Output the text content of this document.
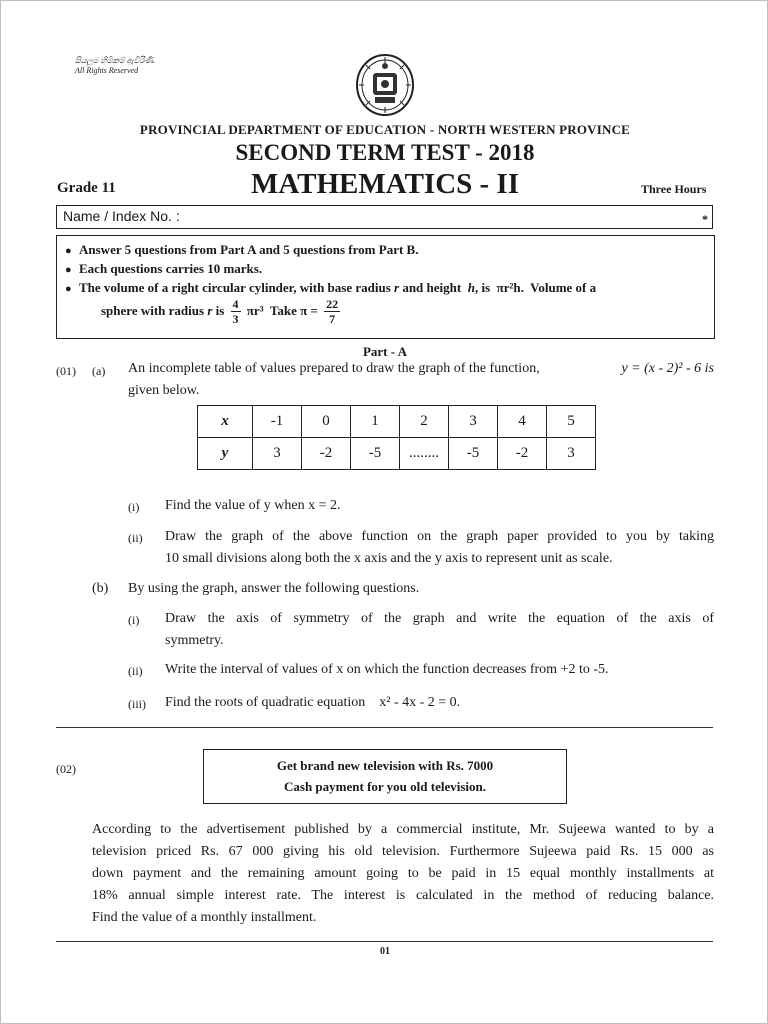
සියලුම හිමිකම් ඇවිරිණි.
All Rights Reserved
PROVINCIAL DEPARTMENT OF EDUCATION - NORTH WESTERN PROVINCE
SECOND TERM TEST - 2018
Grade 11	MATHEMATICS - II	Three Hours
Name / Index No. :	*
● Answer 5 questions from Part A and 5 questions from Part B.
● Each questions carries 10 marks.
● The volume of a right circular cylinder, with base radius r and height h, is πr²h. Volume of a
sphere with radius r is $\frac{4}{3} \pi r^3$ Take $\pi = \frac{22}{7}$
Part - A
(01) (a) An incomplete table of values prepared to draw the graph of the function,	y = (x - 2)² - 6 is
given below.
x	-1	0	1	2	3	4	5
y	3	-2	-5	........	-5	-2	3
(i) Find the value of y when x = 2.
(ii) Draw the graph of the above function on the graph paper provided to you by taking
10 small divisions along both the x axis and the y axis to represent unit as scale.
(b) By using the graph, answer the following questions.
(i) Draw the axis of symmetry of the graph and write the equation of the axis of
symmetry.
(ii) Write the interval of values of x on which the function decreases from +2 to -5.
(iii) Find the roots of quadratic equation x² - 4x - 2 = 0.
(02)	Get brand new television with Rs. 7000
Cash payment for you old television.
According to the advertisement published by a commercial institute, Mr. Sujeewa wanted to by a
television priced Rs. 67 000 giving his old television. Furthermore Sujeewa paid Rs. 15 000 as
down payment and the remaining amount going to be paid in 15 equal monthly installments at
18% annual simple interest rate. The interest is calculated in the method of reducing balance.
Find the value of a monthly installment.
01
